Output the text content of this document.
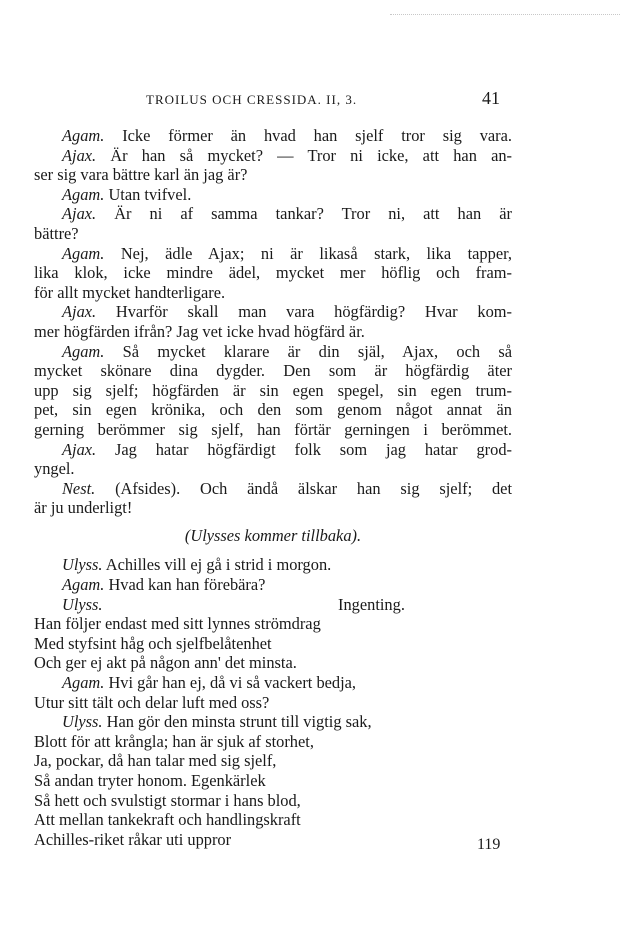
TROILUS OCH CRESSIDA. II, 3.	41
Agam. Icke förmer än hvad han sjelf tror sig vara.
Ajax. Är han så mycket? — Tror ni icke, att han an-
ser sig vara bättre karl än jag är?
Agam. Utan tvifvel.
Ajax. Är ni af samma tankar? Tror ni, att han är
bättre?
Agam. Nej, ädle Ajax; ni är likaså stark, lika tapper,
lika klok, icke mindre ädel, mycket mer höflig och fram-
för allt mycket handterligare.
Ajax. Hvarför skall man vara högfärdig? Hvar kom-
mer högfärden ifrån? Jag vet icke hvad högfärd är.
Agam. Så mycket klarare är din själ, Ajax, och så
mycket skönare dina dygder. Den som är högfärdig äter
upp sig sjelf; högfärden är sin egen spegel, sin egen trum-
pet, sin egen krönika, och den som genom något annat än
gerning berömmer sig sjelf, han förtär gerningen i berömmet.
Ajax. Jag hatar högfärdigt folk som jag hatar grod-
yngel.
Nest. (Afsides). Och ändå älskar han sig sjelf; det
är ju underligt!
(Ulysses kommer tillbaka).
Ulyss. Achilles vill ej gå i strid i morgon.
Agam. Hvad kan han förebära?
Ulyss.	Ingenting.
Han följer endast med sitt lynnes strömdrag
Med styfsint håg och sjelfbelåtenhet
Och ger ej akt på någon ann' det minsta.
Agam. Hvi går han ej, då vi så vackert bedja,
Utur sitt tält och delar luft med oss?
Ulyss. Han gör den minsta strunt till vigtig sak,
Blott för att krångla; han är sjuk af storhet,
Ja, pockar, då han talar med sig sjelf,
Så andan tryter honom. Egenkärlek
Så hett och svulstigt stormar i hans blod,
Att mellan tankekraft och handlingskraft
Achilles-riket råkar uti uppror	119
